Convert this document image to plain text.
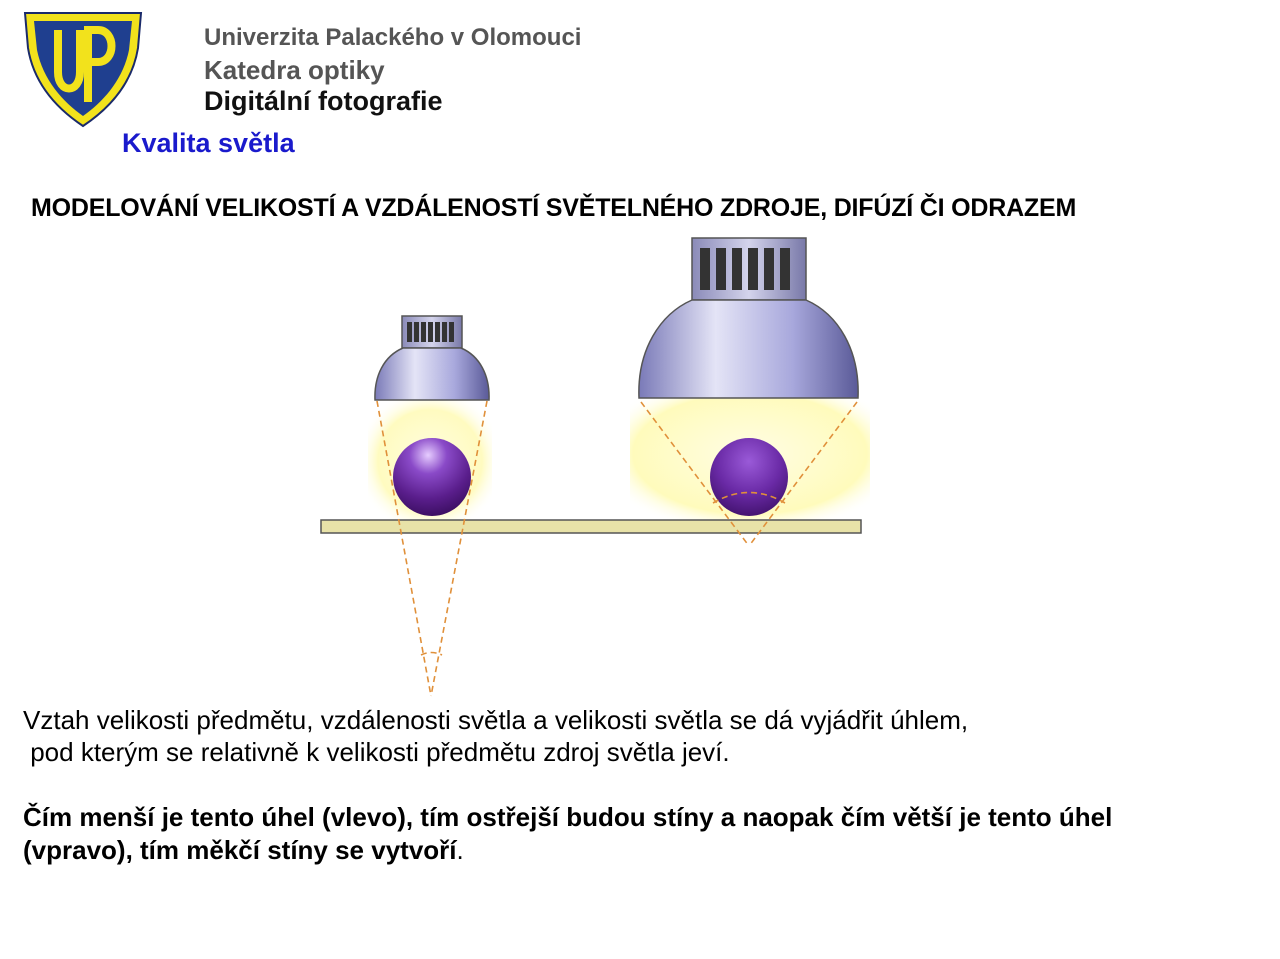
Univerzita Palackého v Olomouci
Katedra optiky
Digitální fotografie
Kvalita světla
MODELOVÁNÍ VELIKOSTÍ A VZDÁLENOSTÍ SVĚTELNÉHO ZDROJE, DIFÚZÍ ČI ODRAZEM
Vztah velikosti předmětu, vzdálenosti světla a velikosti světla se dá vyjádřit úhlem,
pod kterým se relativně k velikosti předmětu zdroj světla jeví.
Čím menší je tento úhel (vlevo), tím ostřejší budou stíny a naopak čím větší je tento úhel
(vpravo), tím měkčí stíny se vytvoří.
